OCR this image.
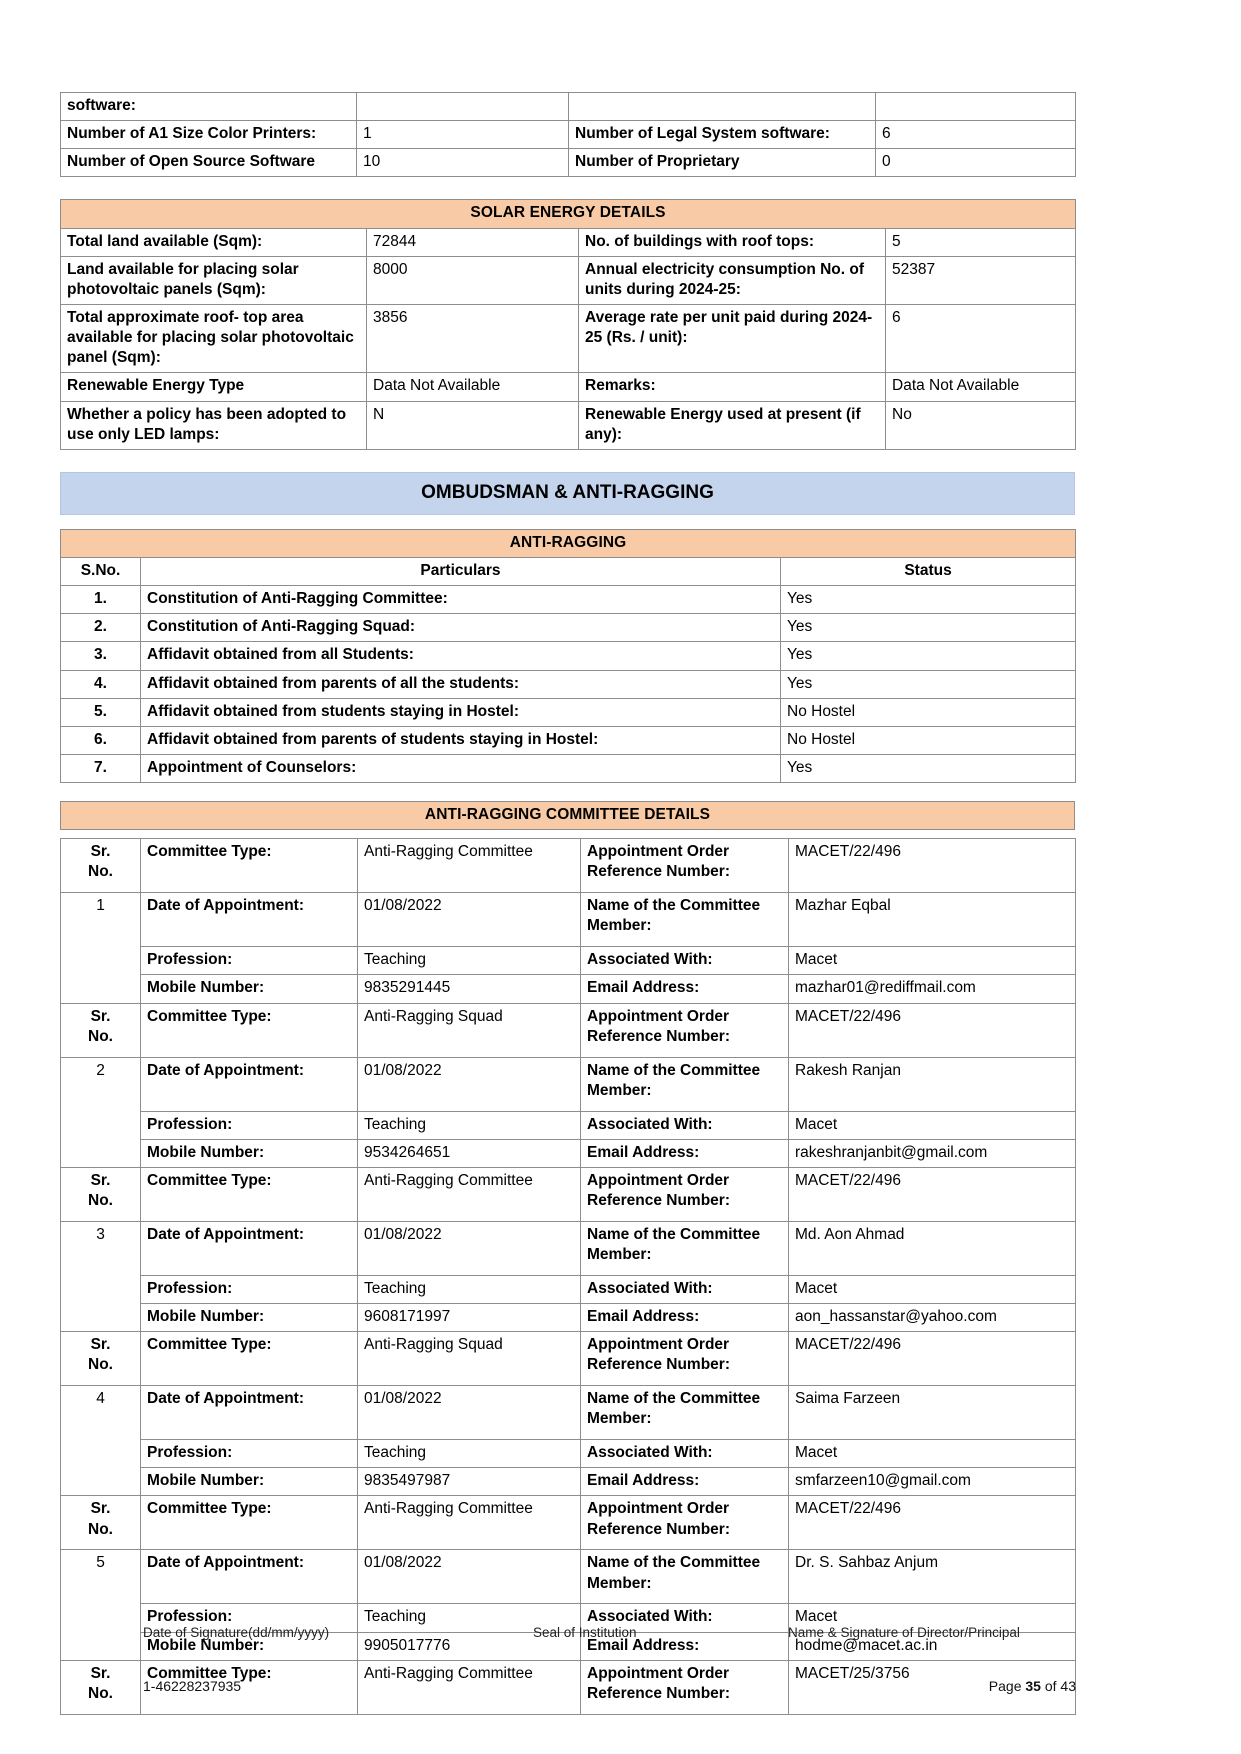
software:			
Number of A1 Size Color Printers:	1	Number of Legal System software:	6
Number of Open Source Software	10	Number of Proprietary	0
SOLAR ENERGY DETAILS			
Total land available (Sqm):	72844	No. of buildings with roof tops:	5
Land available for placing solar photovoltaic panels (Sqm):	8000	Annual electricity consumption No. of units during 2024-25:	52387
Total approximate roof- top area available for placing solar photovoltaic panel (Sqm):	3856	Average rate per unit paid during 2024-25 (Rs. / unit):	6
Renewable Energy Type	Data Not Available	Remarks:	Data Not Available
Whether a policy has been adopted to use only LED lamps:	N	Renewable Energy used at present (if any):	No
OMBUDSMAN & ANTI-RAGGING
ANTI-RAGGING		
S.No.	Particulars	Status
1.	Constitution of Anti-Ragging Committee:	Yes
2.	Constitution of Anti-Ragging Squad:	Yes
3.	Affidavit obtained from all Students:	Yes
4.	Affidavit obtained from parents of all the students:	Yes
5.	Affidavit obtained from students staying in Hostel:	No Hostel
6.	Affidavit obtained from parents of students staying in Hostel:	No Hostel
7.	Appointment of Counselors:	Yes
ANTI-RAGGING COMMITTEE DETAILS
Sr.
No.	Committee Type:	Anti-Ragging Committee	Appointment Order Reference Number:	MACET/22/496
1	Date of Appointment:	01/08/2022	Name of the Committee Member:	Mazhar Eqbal
	Profession:	Teaching	Associated With:	Macet
	Mobile Number:	9835291445	Email Address:	mazhar01@rediffmail.com
Sr.
No.	Committee Type:	Anti-Ragging Squad	Appointment Order Reference Number:	MACET/22/496
2	Date of Appointment:	01/08/2022	Name of the Committee Member:	Rakesh Ranjan
	Profession:	Teaching	Associated With:	Macet
	Mobile Number:	9534264651	Email Address:	rakeshranjanbit@gmail.com
Sr.
No.	Committee Type:	Anti-Ragging Committee	Appointment Order Reference Number:	MACET/22/496
3	Date of Appointment:	01/08/2022	Name of the Committee Member:	Md. Aon Ahmad
	Profession:	Teaching	Associated With:	Macet
	Mobile Number:	9608171997	Email Address:	aon_hassanstar@yahoo.com
Sr.
No.	Committee Type:	Anti-Ragging Squad	Appointment Order Reference Number:	MACET/22/496
4	Date of Appointment:	01/08/2022	Name of the Committee Member:	Saima Farzeen
	Profession:	Teaching	Associated With:	Macet
	Mobile Number:	9835497987	Email Address:	smfarzeen10@gmail.com
Sr.
No.	Committee Type:	Anti-Ragging Committee	Appointment Order Reference Number:	MACET/22/496
5	Date of Appointment:	01/08/2022	Name of the Committee Member:	Dr. S. Sahbaz Anjum
	Profession:	Teaching	Associated With:	Macet
	Mobile Number:	9905017776	Email Address:	hodme@macet.ac.in
Sr.
No.	Committee Type:	Anti-Ragging Committee	Appointment Order Reference Number:	MACET/25/3756
Date of Signature(dd/mm/yyyy)	Seal of Institution	Name & Signature of Director/Principal
1-46228237935	Page 35 of 43
